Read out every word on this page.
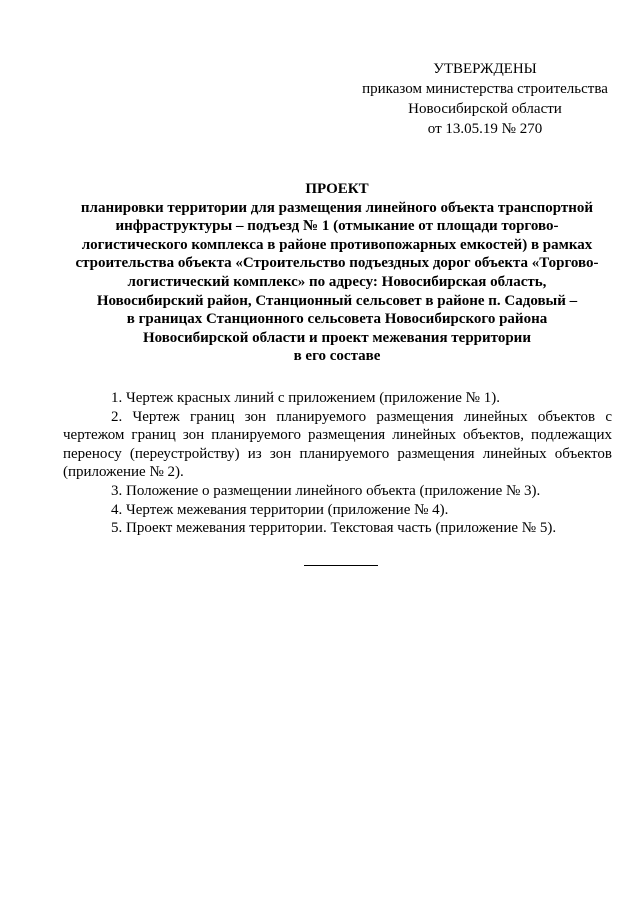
УТВЕРЖДЕНЫ
приказом министерства строительства
Новосибирской области
от 13.05.19 № 270
ПРОЕКТ
планировки территории для размещения линейного объекта транспортной
инфраструктуры – подъезд № 1 (отмыкание от площади торгово-
логистического комплекса в районе противопожарных емкостей) в рамках
строительства объекта «Строительство подъездных дорог объекта «Торгово-
логистический комплекс» по адресу: Новосибирская область,
Новосибирский район, Станционный сельсовет в районе п. Садовый –
в границах Станционного сельсовета Новосибирского района
Новосибирской области и проект межевания территории
в его составе
1. Чертеж красных линий с приложением (приложение № 1).
2. Чертеж границ зон планируемого размещения линейных объектов с
чертежом границ зон планируемого размещения линейных объектов, подлежащих
переносу (переустройству) из зон планируемого размещения линейных объектов
(приложение № 2).
3. Положение о размещении линейного объекта (приложение № 3).
4. Чертеж межевания территории (приложение № 4).
5. Проект межевания территории. Текстовая часть (приложение № 5).
